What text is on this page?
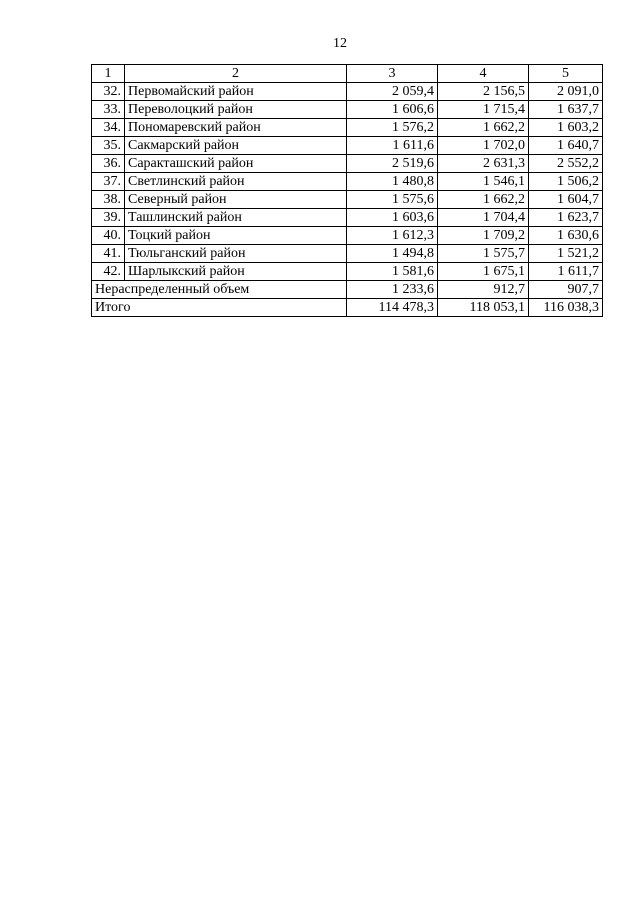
12
1	2	3	4	5
32.	Первомайский район	2 059,4	2 156,5	2 091,0
33.	Переволоцкий район	1 606,6	1 715,4	1 637,7
34.	Пономаревский район	1 576,2	1 662,2	1 603,2
35.	Сакмарский район	1 611,6	1 702,0	1 640,7
36.	Саракташский район	2 519,6	2 631,3	2 552,2
37.	Светлинский район	1 480,8	1 546,1	1 506,2
38.	Северный район	1 575,6	1 662,2	1 604,7
39.	Ташлинский район	1 603,6	1 704,4	1 623,7
40.	Тоцкий район	1 612,3	1 709,2	1 630,6
41.	Тюльганский район	1 494,8	1 575,7	1 521,2
42.	Шарлыкский район	1 581,6	1 675,1	1 611,7
Нераспределенный объем		1 233,6	912,7	907,7
Итого		114 478,3	118 053,1	116 038,3
